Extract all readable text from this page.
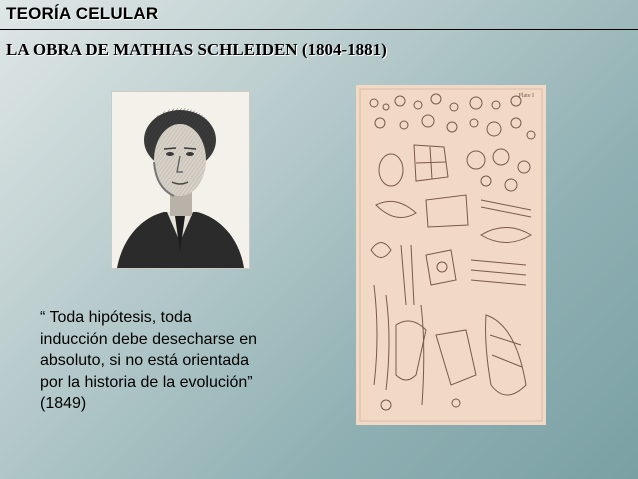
TEORÍA CELULAR
LA OBRA DE MATHIAS SCHLEIDEN (1804-1881)
Plate I
“ Toda hipótesis, toda
inducción debe desecharse en
absoluto, si no está orientada
por la historia de la evolución”
(1849)
